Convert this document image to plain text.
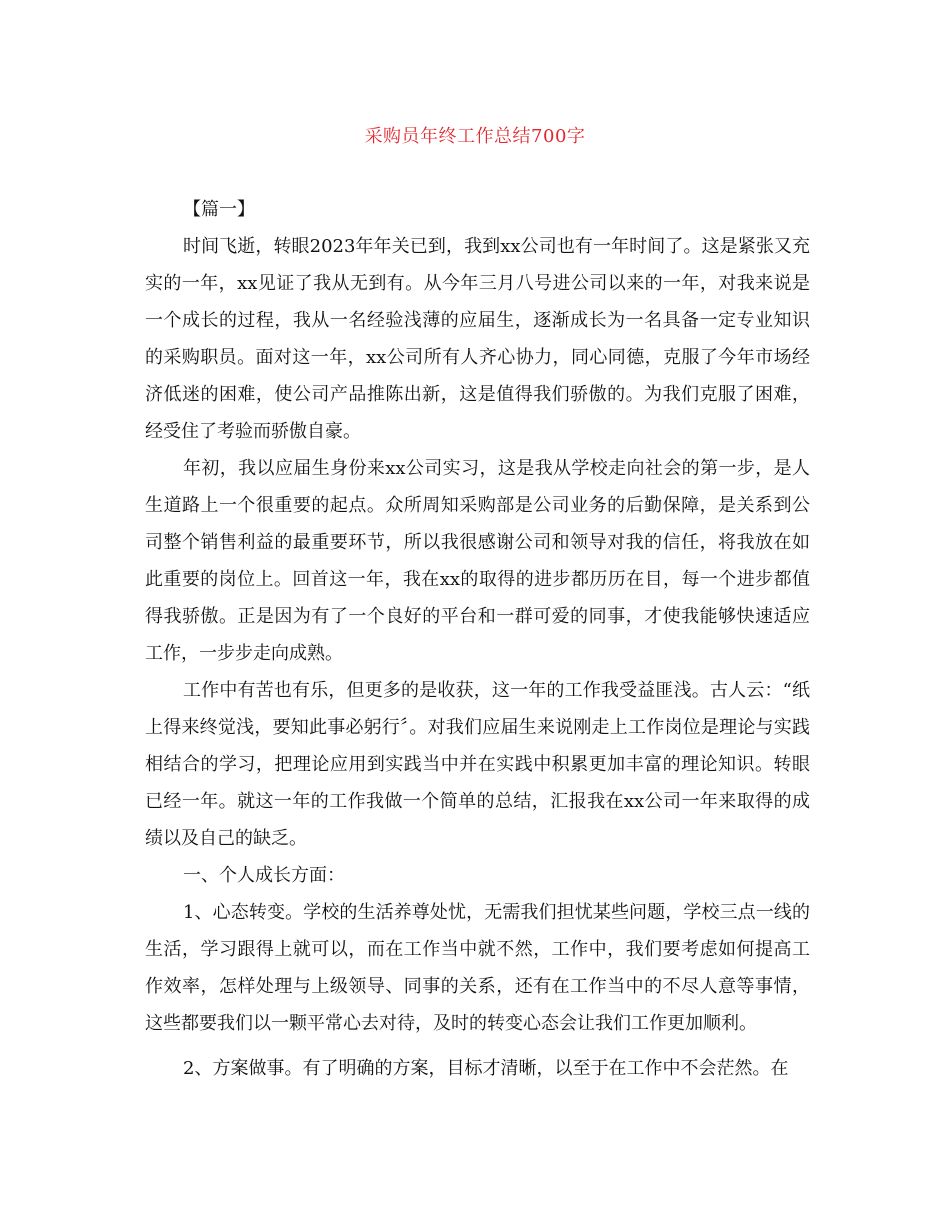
采购员年终工作总结700字

【篇一】

时间飞逝，转眼2023年年关已到，我到xx公司也有一年时间了。这是紧张又充实的一年，xx见证了我从无到有。从今年三月八号进公司以来的一年，对我来说是一个成长的过程，我从一名经验浅薄的应届生，逐渐成长为一名具备一定专业知识的采购职员。面对这一年，xx公司所有人齐心协力，同心同德，克服了今年市场经济低迷的困难，使公司产品推陈出新，这是值得我们骄傲的。为我们克服了困难，经受住了考验而骄傲自豪。

年初，我以应届生身份来xx公司实习，这是我从学校走向社会的第一步，是人生道路上一个很重要的起点。众所周知采购部是公司业务的后勤保障，是关系到公司整个销售利益的最重要环节，所以我很感谢公司和领导对我的信任，将我放在如此重要的岗位上。回首这一年，我在xx的取得的进步都历历在目，每一个进步都值得我骄傲。正是因为有了一个良好的平台和一群可爱的同事，才使我能够快速适应工作，一步步走向成熟。

工作中有苦也有乐，但更多的是收获，这一年的工作我受益匪浅。古人云：“纸上得来终觉浅，要知此事必躬行〞。对我们应届生来说刚走上工作岗位是理论与实践相结合的学习，把理论应用到实践当中并在实践中积累更加丰富的理论知识。转眼已经一年。就这一年的工作我做一个简单的总结，汇报我在xx公司一年来取得的成绩以及自己的缺乏。

一、个人成长方面：

1、心态转变。学校的生活养尊处忧，无需我们担忧某些问题，学校三点一线的生活，学习跟得上就可以，而在工作当中就不然，工作中，我们要考虑如何提高工作效率，怎样处理与上级领导、同事的关系，还有在工作当中的不尽人意等事情，这些都要我们以一颗平常心去对待，及时的转变心态会让我们工作更加顺利。

2、方案做事。有了明确的方案，目标才清晰，以至于在工作中不会茫然。在
